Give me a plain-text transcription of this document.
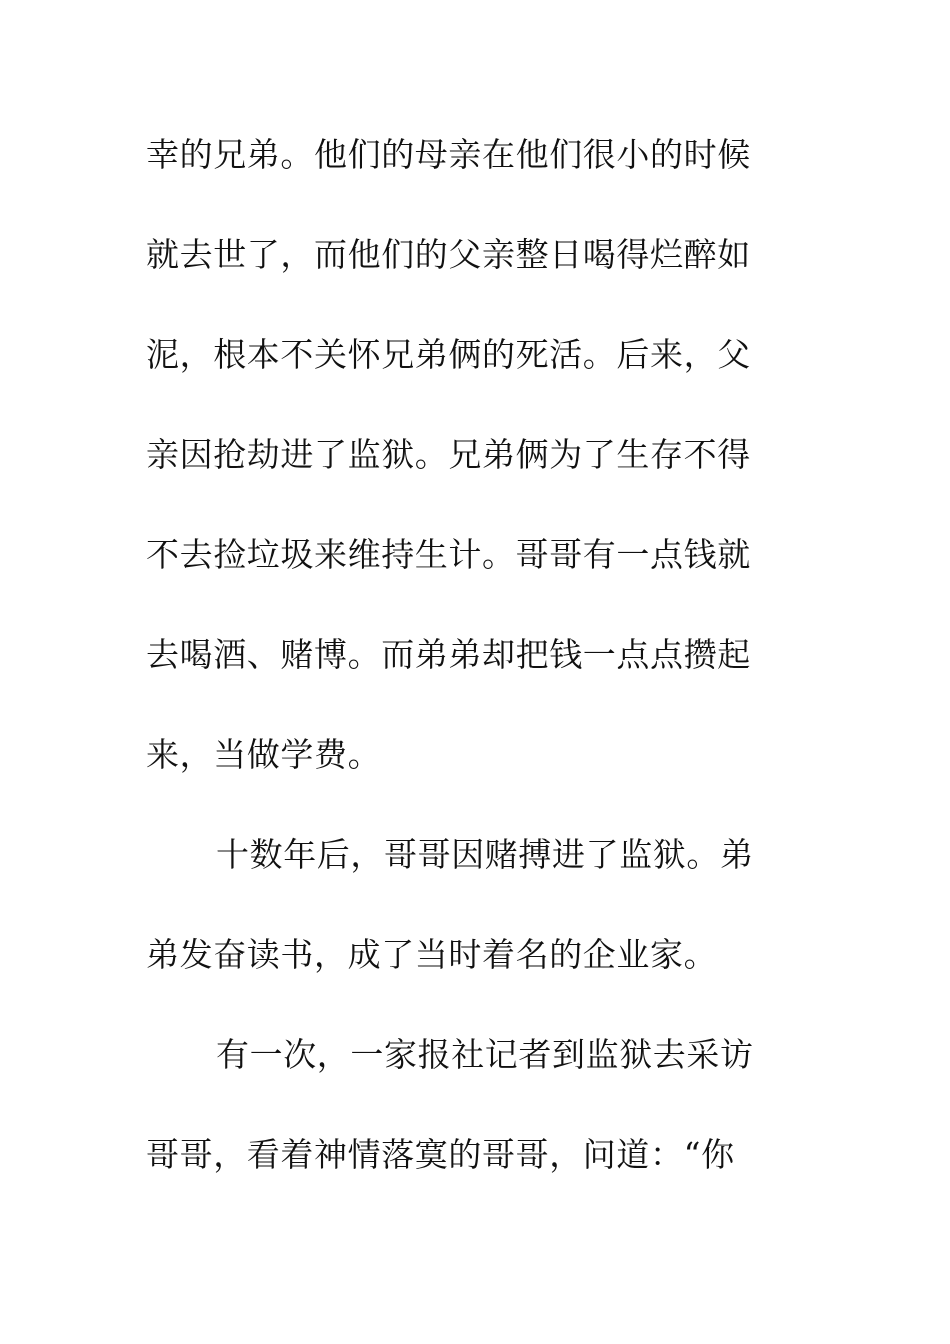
幸的兄弟。他们的母亲在他们很小的时候
就去世了，而他们的父亲整日喝得烂醉如
泥，根本不关怀兄弟俩的死活。后来，父
亲因抢劫进了监狱。兄弟俩为了生存不得
不去捡垃圾来维持生计。哥哥有一点钱就
去喝酒、赌博。而弟弟却把钱一点点攒起
来，当做学费。
十数年后，哥哥因赌搏进了监狱。弟
弟发奋读书，成了当时着名的企业家。
有一次，一家报社记者到监狱去采访
哥哥，看着神情落寞的哥哥，问道：“你
